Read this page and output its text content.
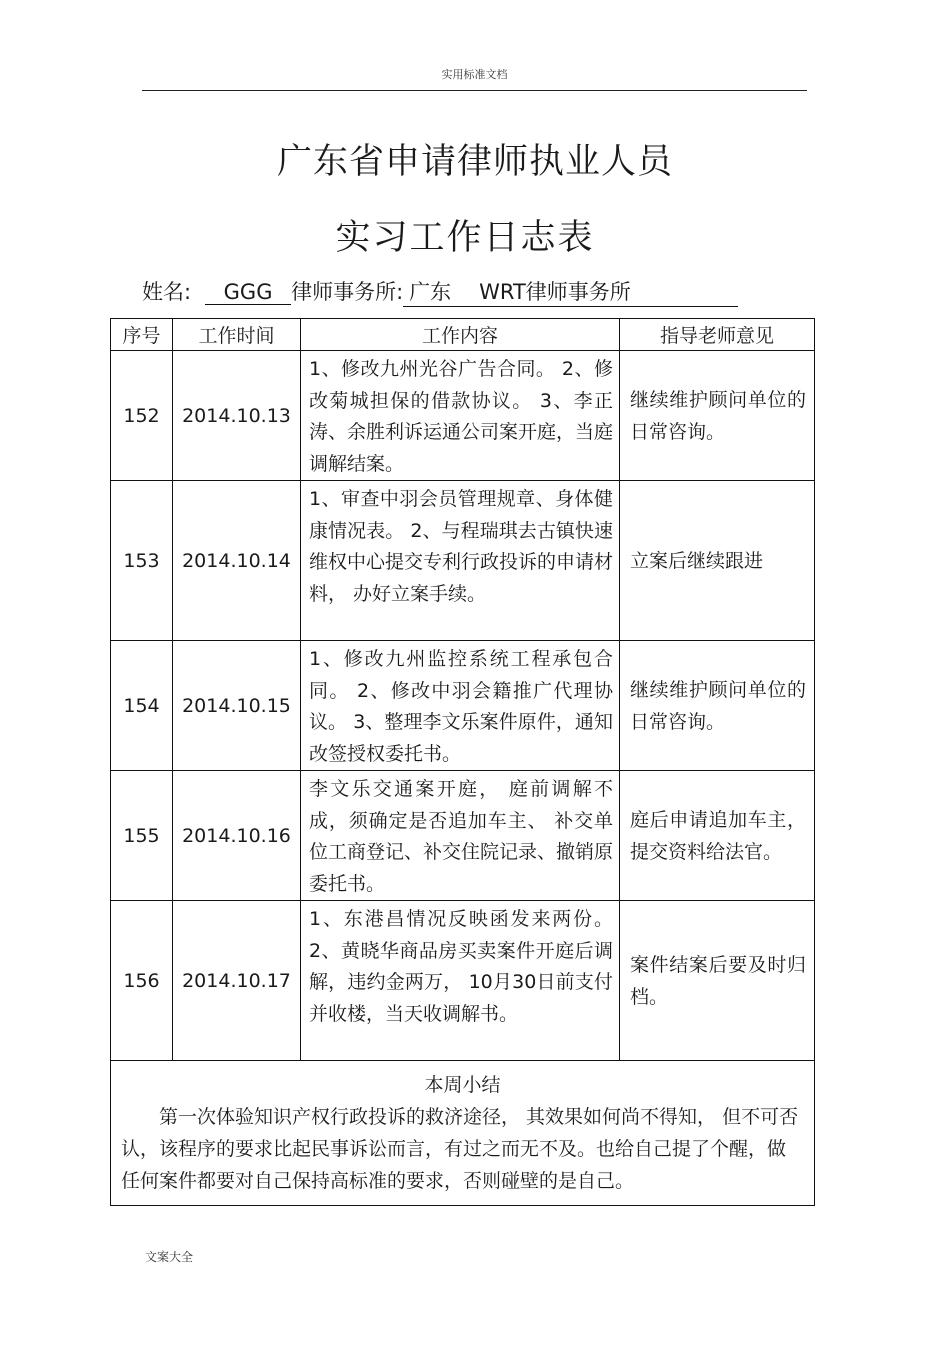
实用标准文档
广东省申请律师执业人员
实习工作日志表
姓名: GGG 律师事务所: 广东 WRT律师事务所
序号	工作时间	工作内容	指导老师意见
152	2014.10.13	1、修改九州光谷广告合同。 2、修改菊城担保的借款协议。 3、李正涛、余胜利诉运通公司案开庭，当庭调解结案。	继续维护顾问单位的日常咨询。
153	2014.10.14	1、审查中羽会员管理规章、身体健康情况表。 2、与程瑞琪去古镇快速维权中心提交专利行政投诉的申请材料， 办好立案手续。	立案后继续跟进
154	2014.10.15	1、修改九州监控系统工程承包合同。 2、修改中羽会籍推广代理协议。 3、整理李文乐案件原件，通知改签授权委托书。	继续维护顾问单位的日常咨询。
155	2014.10.16	李文乐交通案开庭， 庭前调解不成，须确定是否追加车主、 补交单位工商登记、补交住院记录、撤销原委托书。	庭后申请追加车主，提交资料给法官。
156	2014.10.17	1、东港昌情况反映函发来两份。 2、黄晓华商品房买卖案件开庭后调解，违约金两万， 10月30日前支付并收楼，当天收调解书。	案件结案后要及时归档。

本周小结
第一次体验知识产权行政投诉的救济途径， 其效果如何尚不得知， 但不可否认，该程序的要求比起民事诉讼而言，有过之而无不及。也给自己提了个醒，做任何案件都要对自己保持高标准的要求，否则碰壁的是自己。			
文案大全
